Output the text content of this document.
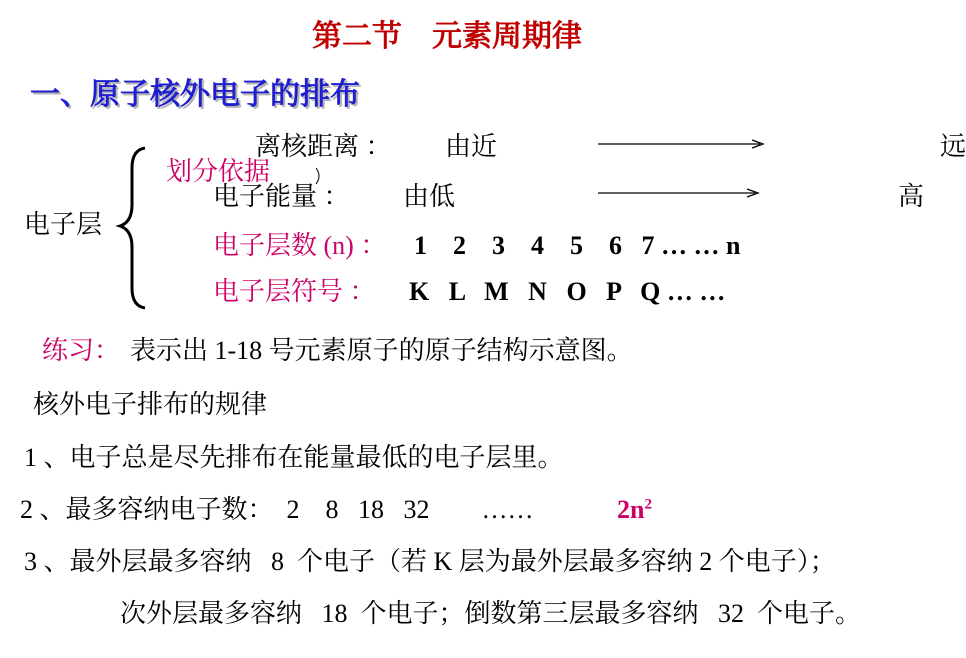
第二节    元素周期律
一、原子核外电子的排布
电子层
离核距离 ： 由近	远
划分依据
电子能量 ： 由低	高
电子层数 (n) ： 1    2    3    4    5    6   7 … … n
电子层符号 ： K   L   M   N   O   P   Q … …
练习： 表示出 1-18 号元素原子的原子结构示意图。
核外电子排布的规律
1 、电子总是尽先排布在能量最低的电子层里。
2 、最多容纳电子数：  2    8   18   32        ……	$2n^2$
3 、最外层最多容纳   8  个电子（若 K 层为最外层最多容纳 2 个电子）；
次外层最多容纳   18  个电子；倒数第三层最多容纳   32  个电子。
